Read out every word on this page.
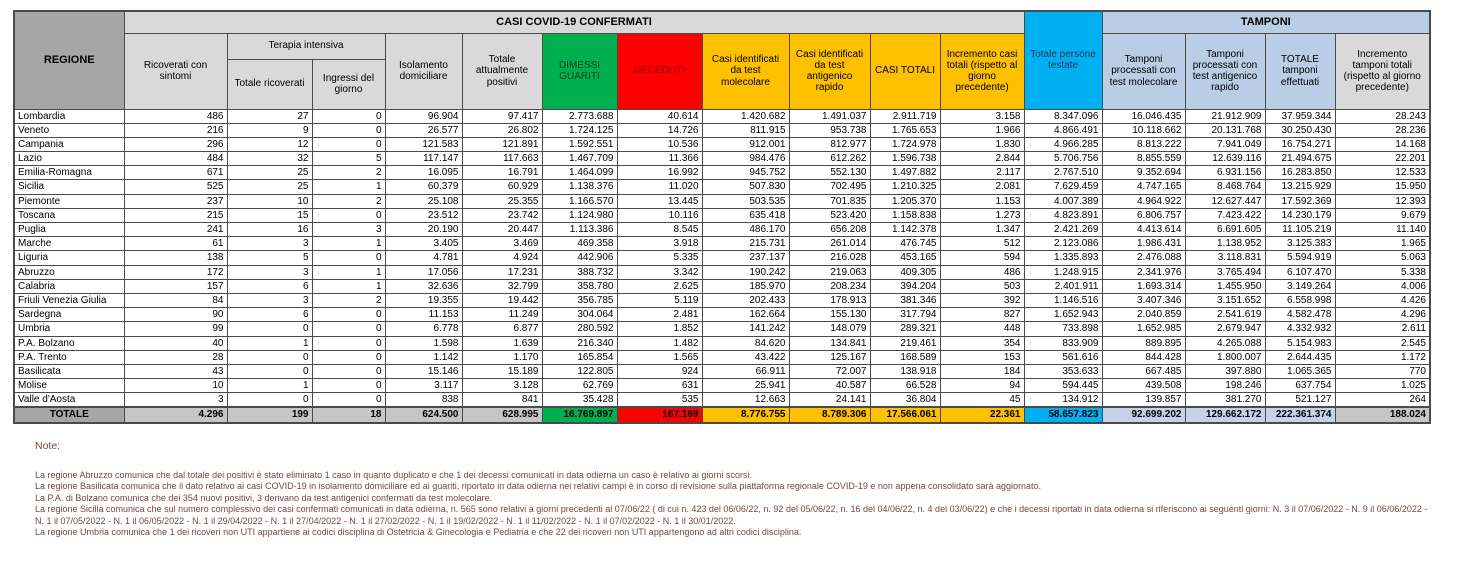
REGIONE	CASI COVID-19 CONFERMATI											Totale persone testate	TAMPONI			
	Ricoverati con sintomi	Terapia intensiva		Isolamento domiciliare	Totale attualmente positivi	DIMESSI GUARITI	DECEDUTI	Casi identificati da test molecolare	Casi identificati da test antigenico rapido	CASI TOTALI	Incremento casi totali (rispetto al giorno precedente)		Tamponi processati con test molecolare	Tamponi processati con test antigenico rapido	TOTALE tamponi effettuati	Incremento tamponi totali (rispetto al giorno precedente)
		Totale ricoverati	Ingressi del giorno													
Lombardia	486	27	0	96.904	97.417	2.773.688	40.614	1.420.682	1.491.037	2.911.719	3.158	8.347.096	16.046.435	21.912.909	37.959.344	28.243
Veneto	216	9	0	26.577	26.802	1.724.125	14.726	811.915	953.738	1.765.653	1.966	4.866.491	10.118.662	20.131.768	30.250.430	28.236
Campania	296	12	0	121.583	121.891	1.592.551	10.536	912.001	812.977	1.724.978	1.830	4.966.285	8.813.222	7.941.049	16.754.271	14.168
Lazio	484	32	5	117.147	117.663	1.467.709	11.366	984.476	612.262	1.596.738	2.844	5.706.756	8.855.559	12.639.116	21.494.675	22.201
Emilia-Romagna	671	25	2	16.095	16.791	1.464.099	16.992	945.752	552.130	1.497.882	2.117	2.767.510	9.352.694	6.931.156	16.283.850	12.533
Sicilia	525	25	1	60.379	60.929	1.138.376	11.020	507.830	702.495	1.210.325	2.081	7.629.459	4.747.165	8.468.764	13.215.929	15.950
Piemonte	237	10	2	25.108	25.355	1.166.570	13.445	503.535	701.835	1.205.370	1.153	4.007.389	4.964.922	12.627.447	17.592.369	12.393
Toscana	215	15	0	23.512	23.742	1.124.980	10.116	635.418	523.420	1.158.838	1.273	4.823.891	6.806.757	7.423.422	14.230.179	9.679
Puglia	241	16	3	20.190	20.447	1.113.386	8.545	486.170	656.208	1.142.378	1.347	2.421.269	4.413.614	6.691.605	11.105.219	11.140
Marche	61	3	1	3.405	3.469	469.358	3.918	215.731	261.014	476.745	512	2.123.086	1.986.431	1.138.952	3.125.383	1.965
Liguria	138	5	0	4.781	4.924	442.906	5.335	237.137	216.028	453.165	594	1.335.893	2.476.088	3.118.831	5.594.919	5.063
Abruzzo	172	3	1	17.056	17.231	388.732	3.342	190.242	219.063	409.305	486	1.248.915	2.341.976	3.765.494	6.107.470	5.338
Calabria	157	6	1	32.636	32.799	358.780	2.625	185.970	208.234	394.204	503	2.401.911	1.693.314	1.455.950	3.149.264	4.006
Friuli Venezia Giulia	84	3	2	19.355	19.442	356.785	5.119	202.433	178.913	381.346	392	1.146.516	3.407.346	3.151.652	6.558.998	4.426
Sardegna	90	6	0	11.153	11.249	304.064	2.481	162.664	155.130	317.794	827	1.652.943	2.040.859	2.541.619	4.582.478	4.296
Umbria	99	0	0	6.778	6.877	280.592	1.852	141.242	148.079	289.321	448	733.898	1.652.985	2.679.947	4.332.932	2.611
P.A. Bolzano	40	1	0	1.598	1.639	216.340	1.482	84.620	134.841	219.461	354	833.909	889.895	4.265.088	5.154.983	2.545
P.A. Trento	28	0	0	1.142	1.170	165.854	1.565	43.422	125.167	168.589	153	561.616	844.428	1.800.007	2.644.435	1.172
Basilicata	43	0	0	15.146	15.189	122.805	924	66.911	72.007	138.918	184	353.633	667.485	397.880	1.065.365	770
Molise	10	1	0	3.117	3.128	62.769	631	25.941	40.587	66.528	94	594.445	439.508	198.246	637.754	1.025
Valle d'Aosta	3	0	0	838	841	35.428	535	12.663	24.141	36.804	45	134.912	139.857	381.270	521.127	264
TOTALE	4.296	199	18	624.500	628.995	16.769.897	167.169	8.776.755	8.789.306	17.566.061	22.361	58.657.823	92.699.202	129.662.172	222.361.374	188.024
Note:
La regione Abruzzo comunica che dal totale dei positivi è stato eliminato 1 caso in quanto duplicato e che 1 dei decessi comunicati in data odierna un caso è relativo ai giorni scorsi.
La regione Basilicata comunica che il dato relativo ai casi COVID-19 in isolamento domiciliare ed ai guariti, riportato in data odierna nei relativi campi è in corso di revisione sulla piattaforma regionale COVID-19 e non appena consolidato sarà aggiornato.
La P.A. di Bolzano comunica che dei 354 nuovi positivi, 3 derivano da test antigenici confermati da test molecolare.
La regione Sicilia comunica che sul numero complessivo dei casi confermati comunicati in data odierna, n. 565 sono relativi a giorni precedenti al 07/06/22 ( di cui n. 423 del 06/06/22, n. 92 del 05/06/22, n. 16 del 04/06/22, n. 4 del 03/06/22) e che i decessi riportati in data odierna si riferiscono ai seguenti giorni: N. 3 il 07/06/2022 - N. 9 il 06/06/2022 - N. 1 il 07/05/2022 - N. 1 il 06/05/2022 - N. 1 il 29/04/2022 - N. 1 il 27/04/2022 - N. 1 il 27/02/2022 - N. 1 il 19/02/2022 - N. 1 il 11/02/2022 - N. 1 il 07/02/2022 - N. 1 il 30/01/2022.
La regione Umbria comunica che 1 dei ricoveri non UTI appartiene ai codici disciplina di Ostetricia & Ginecologia e Pediatria e che 22 dei ricoveri non UTI appartengono ad altri codici disciplina.
